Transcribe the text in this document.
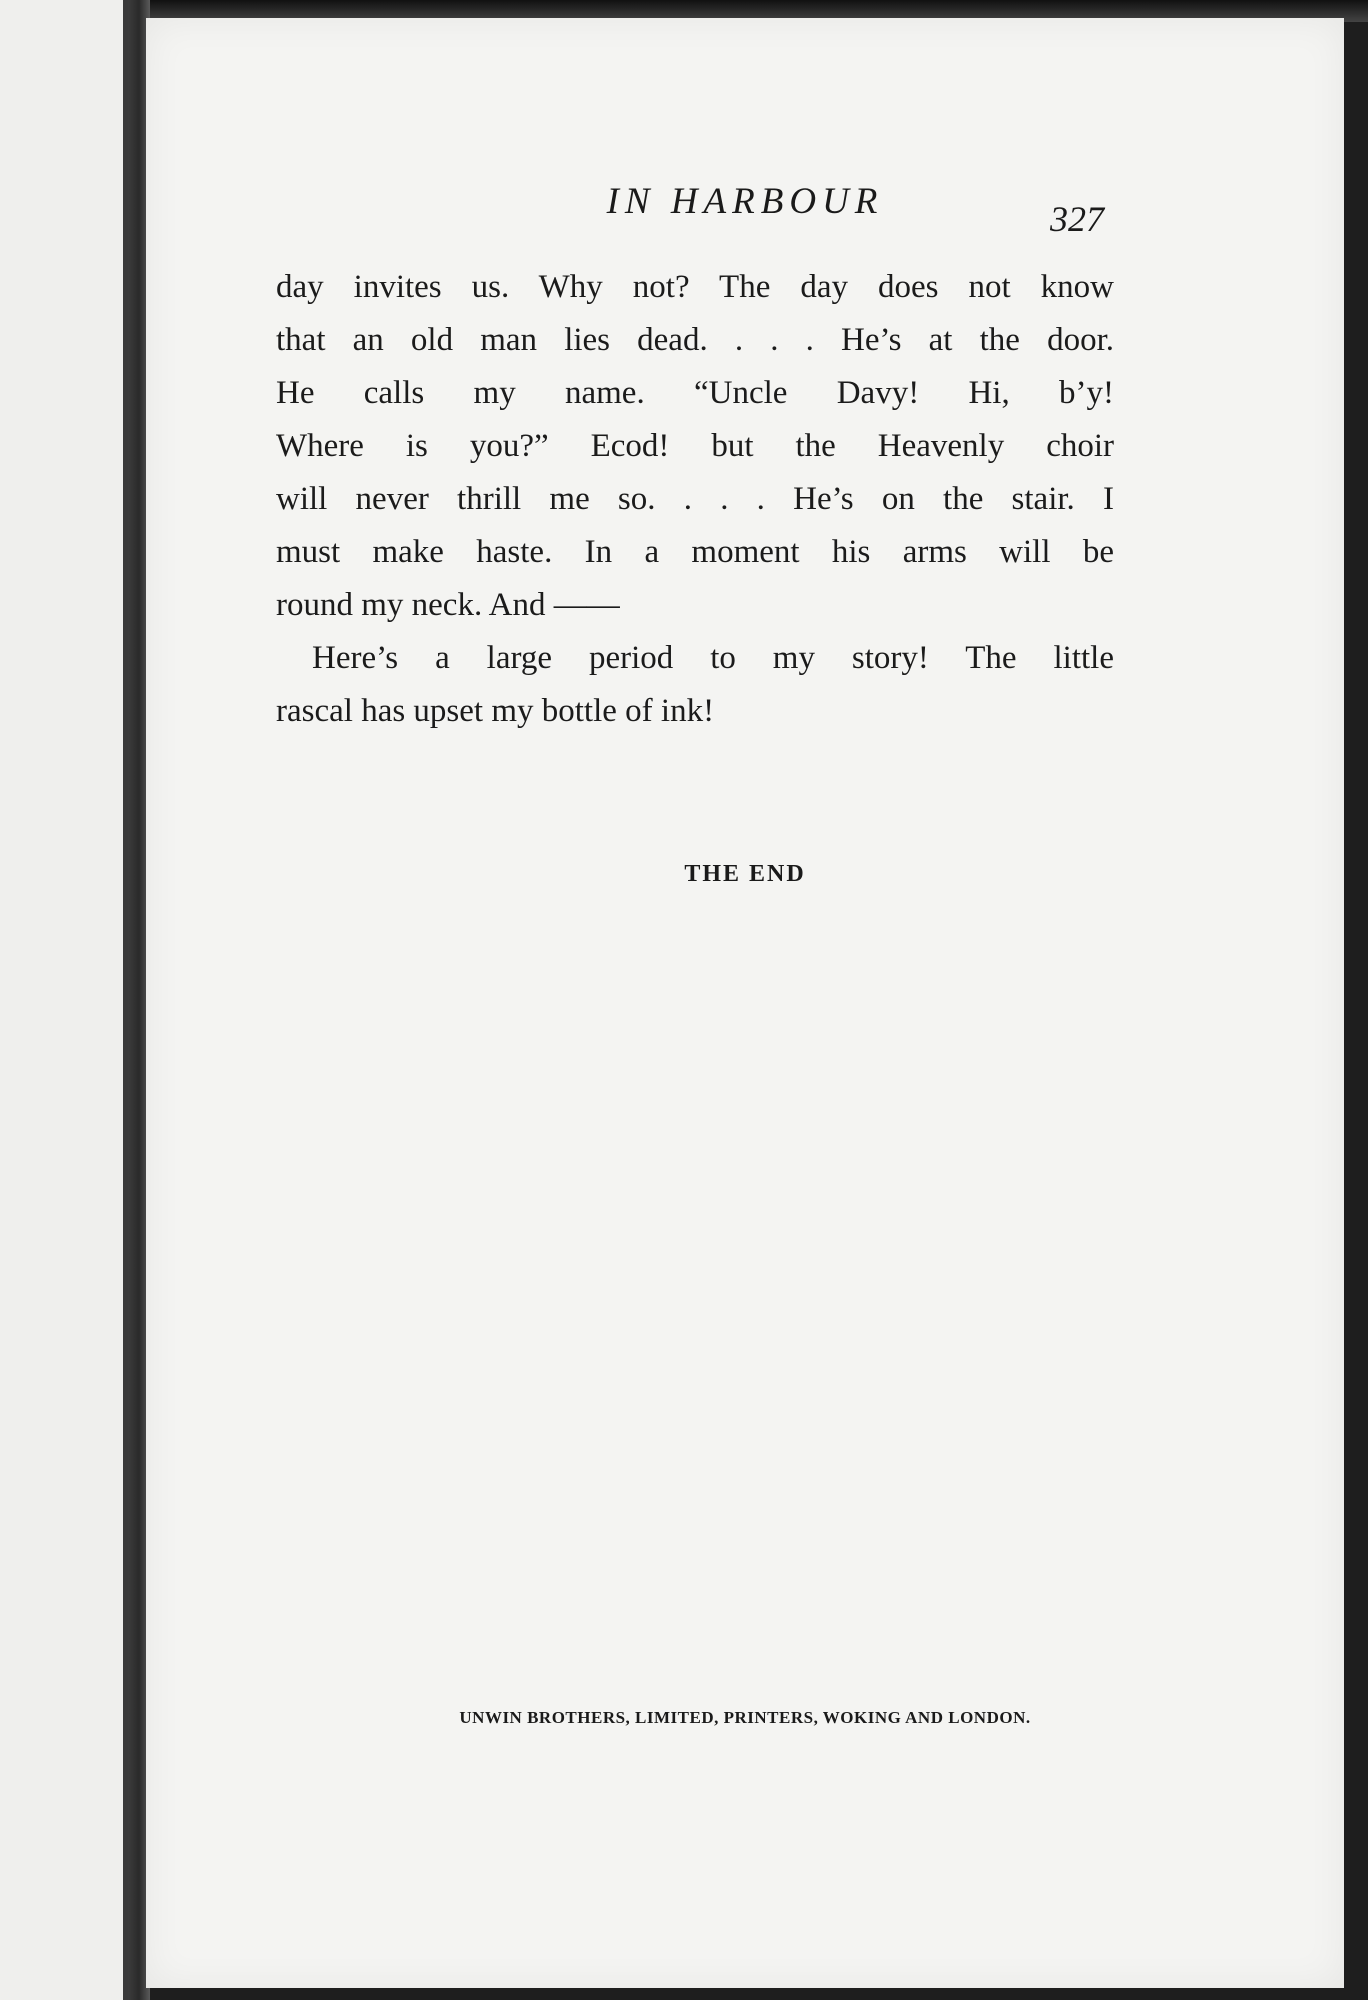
IN HARBOUR	327
day invites us. Why not? The day does not know
that an old man lies dead. . . . He’s at the door.
He calls my name. “Uncle Davy! Hi, b’y!
Where is you?” Ecod! but the Heavenly choir
will never thrill me so. . . . He’s on the stair. I
must make haste. In a moment his arms will be
round my neck. And ——
Here’s a large period to my story! The little
rascal has upset my bottle of ink!
THE END
UNWIN BROTHERS, LIMITED, PRINTERS, WOKING AND LONDON.
